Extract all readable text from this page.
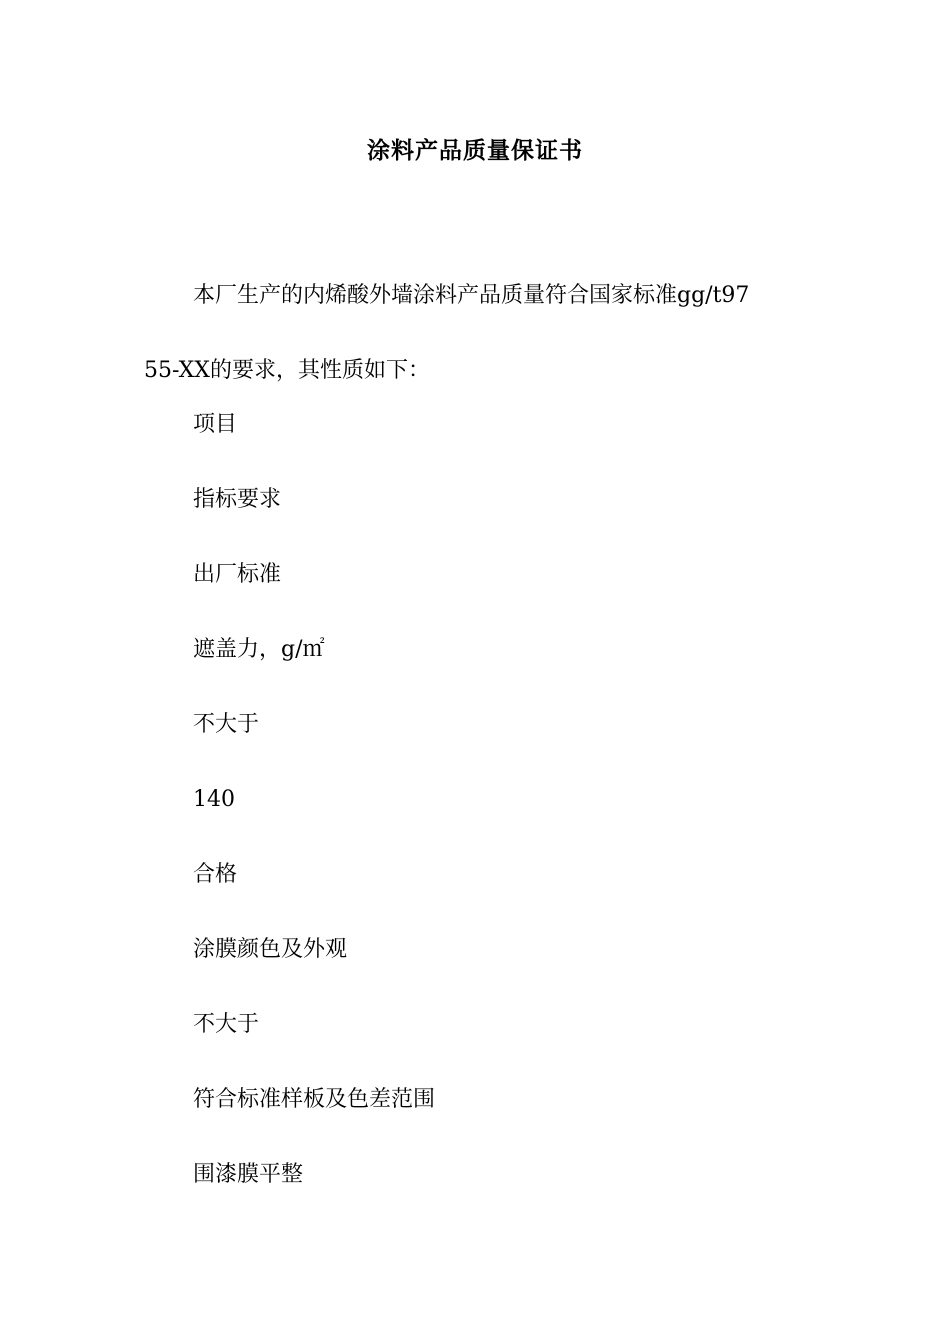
涂料产品质量保证书

本厂生产的内烯酸外墙涂料产品质量符合国家标准gg/t97
55-XX的要求，其性质如下：

项目
指标要求
出厂标准
遮盖力，g/㎡
不大于
140
合格
涂膜颜色及外观
不大于
符合标准样板及色差范围
围漆膜平整
